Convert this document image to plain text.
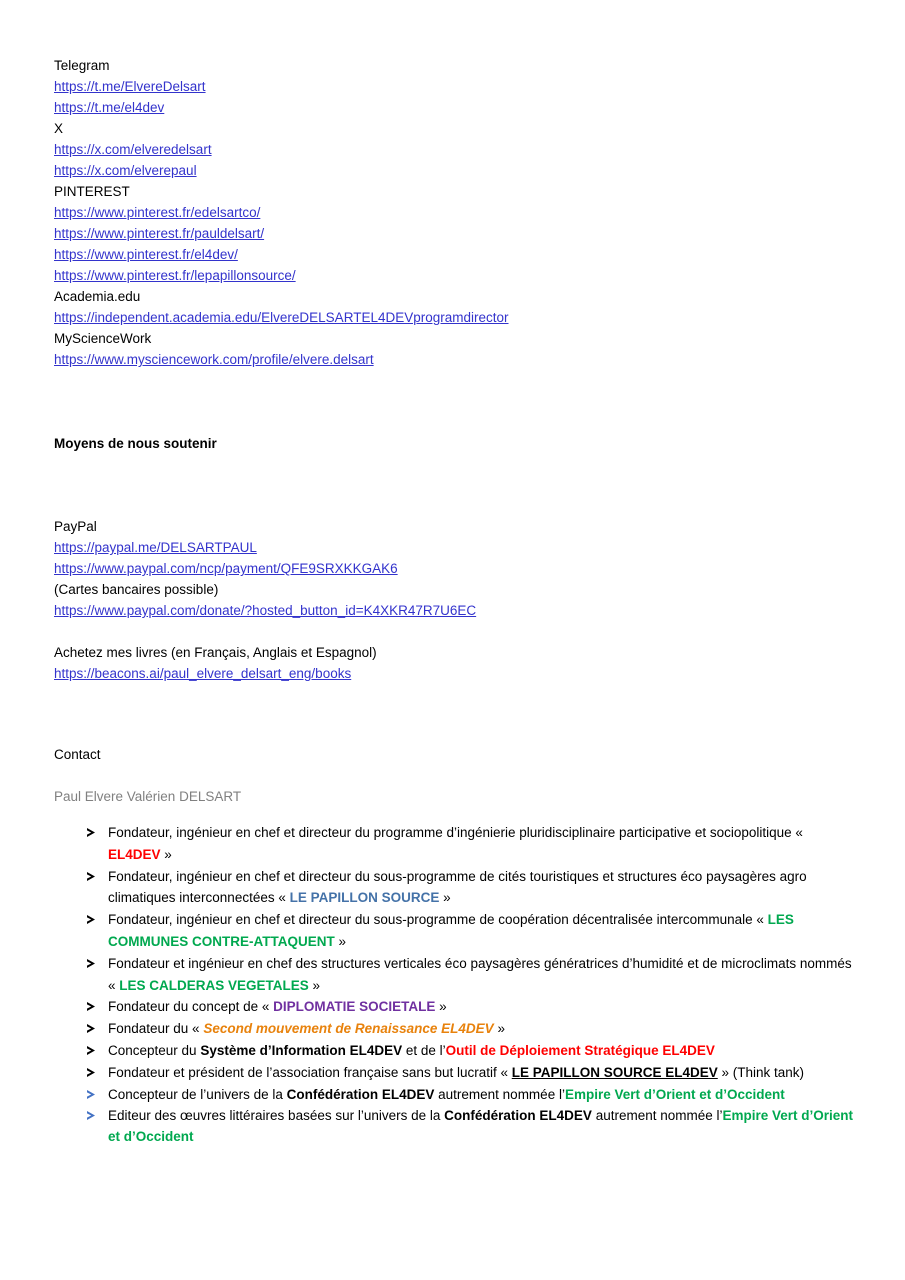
Telegram
https://t.me/ElvereDelsart
https://t.me/el4dev
X
https://x.com/elveredelsart
https://x.com/elverepaul
PINTEREST
https://www.pinterest.fr/edelsartco/
https://www.pinterest.fr/pauldelsart/
https://www.pinterest.fr/el4dev/
https://www.pinterest.fr/lepapillonsource/
Academia.edu
https://independent.academia.edu/ElvereDELSARTEL4DEVprogramdirector
MyScienceWork
https://www.mysciencework.com/profile/elvere.delsart
Moyens de nous soutenir
PayPal
https://paypal.me/DELSARTPAUL
https://www.paypal.com/ncp/payment/QFE9SRXKKGAK6
(Cartes bancaires possible)
https://www.paypal.com/donate/?hosted_button_id=K4XKR47R7U6EC
Achetez mes livres (en Français, Anglais et Espagnol)
https://beacons.ai/paul_elvere_delsart_eng/books
Contact
Paul Elvere Valérien DELSART
Fondateur, ingénieur en chef et directeur du programme d’ingénierie pluridisciplinaire participative et sociopolitique « EL4DEV »
Fondateur, ingénieur en chef et directeur du sous-programme de cités touristiques et structures éco paysagères agro climatiques interconnectées « LE PAPILLON SOURCE »
Fondateur, ingénieur en chef et directeur du sous-programme de coopération décentralisée intercommunale « LES COMMUNES CONTRE-ATTAQUENT »
Fondateur et ingénieur en chef des structures verticales éco paysagères génératrices d’humidité et de microclimats nommés « LES CALDERAS VEGETALES »
Fondateur du concept de « DIPLOMATIE SOCIETALE »
Fondateur du « Second mouvement de Renaissance EL4DEV »
Concepteur du Système d’Information EL4DEV et de l’Outil de Déploiement Stratégique EL4DEV
Fondateur et président de l’association française sans but lucratif « LE PAPILLON SOURCE EL4DEV » (Think tank)
Concepteur de l’univers de la Confédération EL4DEV autrement nommée l’Empire Vert d’Orient et d’Occident
Editeur des œuvres littéraires basées sur l’univers de la Confédération EL4DEV autrement nommée l’Empire Vert d’Orient et d’Occident
